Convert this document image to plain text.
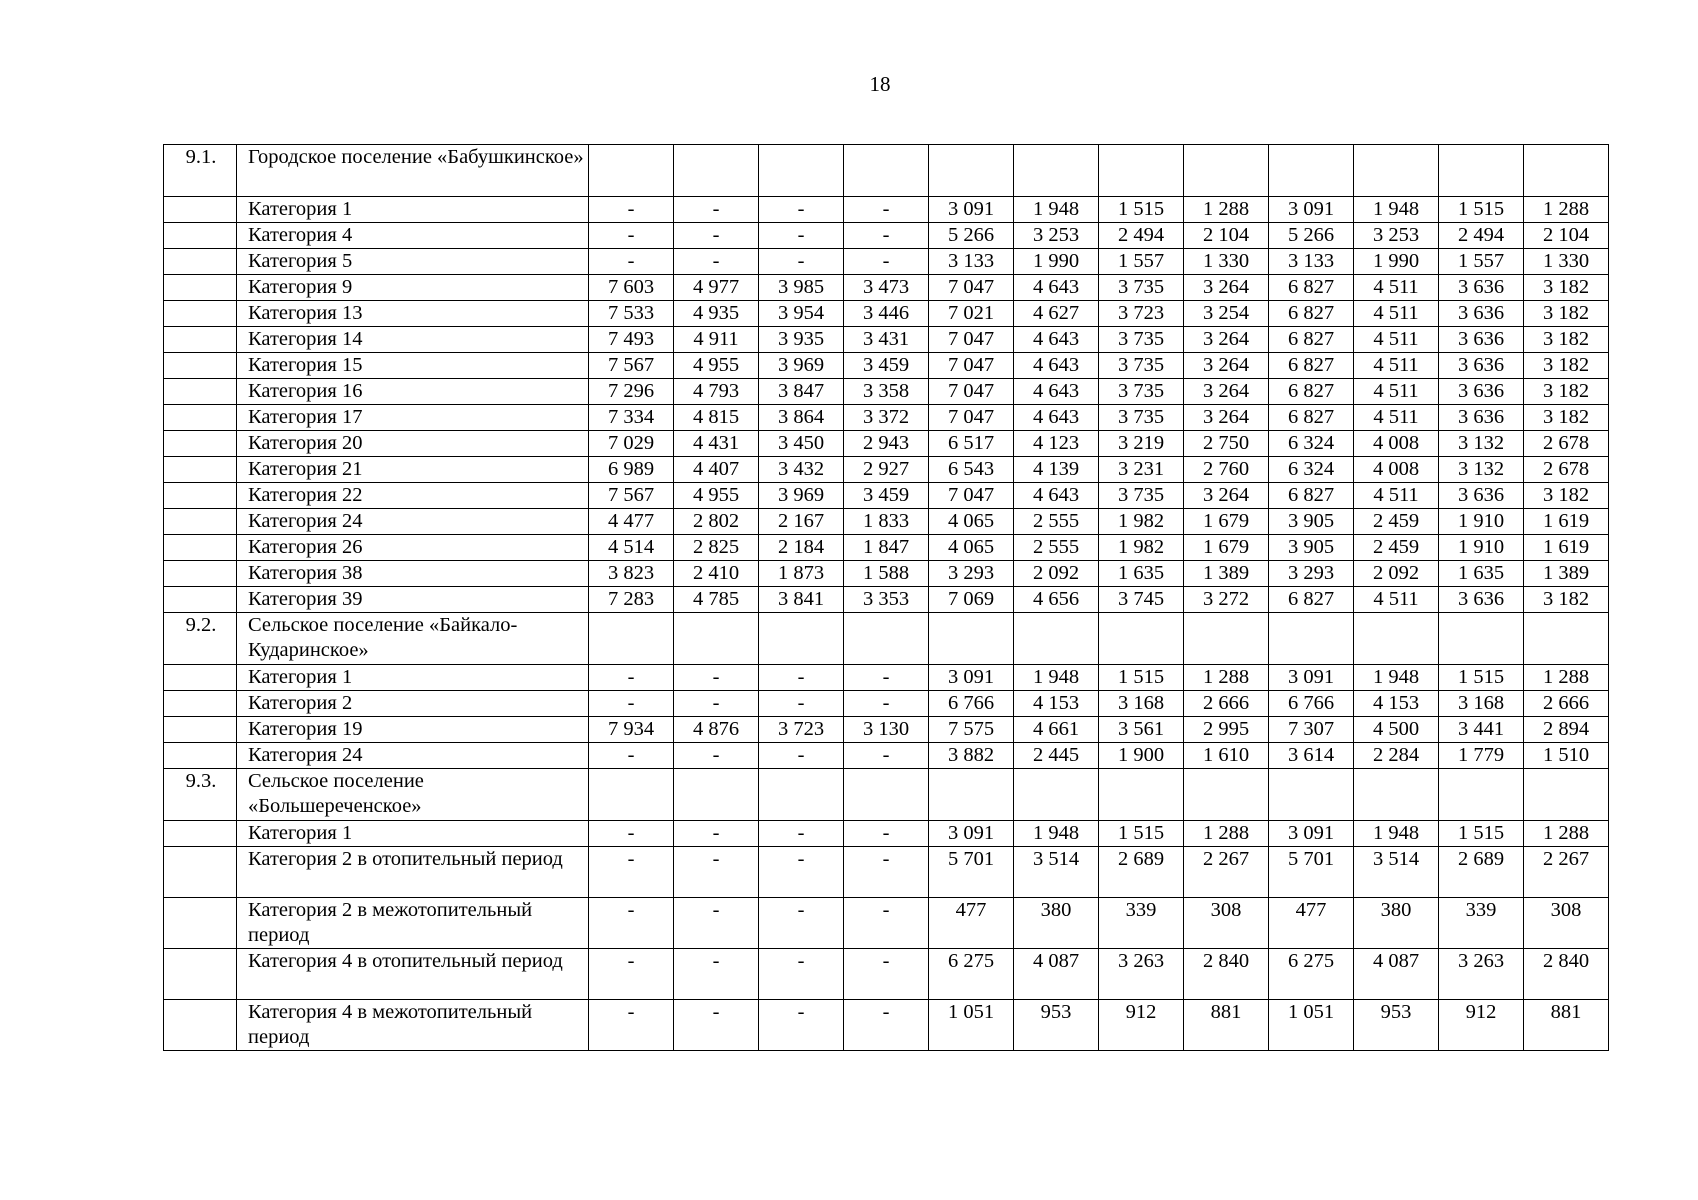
18
9.1.	Городское поселение «Бабушкинское»												
	Категория 1	-	-	-	-	3 091	1 948	1 515	1 288	3 091	1 948	1 515	1 288
	Категория 4	-	-	-	-	5 266	3 253	2 494	2 104	5 266	3 253	2 494	2 104
	Категория 5	-	-	-	-	3 133	1 990	1 557	1 330	3 133	1 990	1 557	1 330
	Категория 9	7 603	4 977	3 985	3 473	7 047	4 643	3 735	3 264	6 827	4 511	3 636	3 182
	Категория 13	7 533	4 935	3 954	3 446	7 021	4 627	3 723	3 254	6 827	4 511	3 636	3 182
	Категория 14	7 493	4 911	3 935	3 431	7 047	4 643	3 735	3 264	6 827	4 511	3 636	3 182
	Категория 15	7 567	4 955	3 969	3 459	7 047	4 643	3 735	3 264	6 827	4 511	3 636	3 182
	Категория 16	7 296	4 793	3 847	3 358	7 047	4 643	3 735	3 264	6 827	4 511	3 636	3 182
	Категория 17	7 334	4 815	3 864	3 372	7 047	4 643	3 735	3 264	6 827	4 511	3 636	3 182
	Категория 20	7 029	4 431	3 450	2 943	6 517	4 123	3 219	2 750	6 324	4 008	3 132	2 678
	Категория 21	6 989	4 407	3 432	2 927	6 543	4 139	3 231	2 760	6 324	4 008	3 132	2 678
	Категория 22	7 567	4 955	3 969	3 459	7 047	4 643	3 735	3 264	6 827	4 511	3 636	3 182
	Категория 24	4 477	2 802	2 167	1 833	4 065	2 555	1 982	1 679	3 905	2 459	1 910	1 619
	Категория 26	4 514	2 825	2 184	1 847	4 065	2 555	1 982	1 679	3 905	2 459	1 910	1 619
	Категория 38	3 823	2 410	1 873	1 588	3 293	2 092	1 635	1 389	3 293	2 092	1 635	1 389
	Категория 39	7 283	4 785	3 841	3 353	7 069	4 656	3 745	3 272	6 827	4 511	3 636	3 182
9.2.	Сельское поселение «Байкало-Кударинское»												
	Категория 1	-	-	-	-	3 091	1 948	1 515	1 288	3 091	1 948	1 515	1 288
	Категория 2	-	-	-	-	6 766	4 153	3 168	2 666	6 766	4 153	3 168	2 666
	Категория 19	7 934	4 876	3 723	3 130	7 575	4 661	3 561	2 995	7 307	4 500	3 441	2 894
	Категория 24	-	-	-	-	3 882	2 445	1 900	1 610	3 614	2 284	1 779	1 510
9.3.	Сельское поселение «Большереченское»												
	Категория 1	-	-	-	-	3 091	1 948	1 515	1 288	3 091	1 948	1 515	1 288
	Категория 2 в отопительный период	-	-	-	-	5 701	3 514	2 689	2 267	5 701	3 514	2 689	2 267
	Категория 2 в межотопительный период	-	-	-	-	477	380	339	308	477	380	339	308
	Категория 4 в отопительный период	-	-	-	-	6 275	4 087	3 263	2 840	6 275	4 087	3 263	2 840
	Категория 4 в межотопительный период	-	-	-	-	1 051	953	912	881	1 051	953	912	881
